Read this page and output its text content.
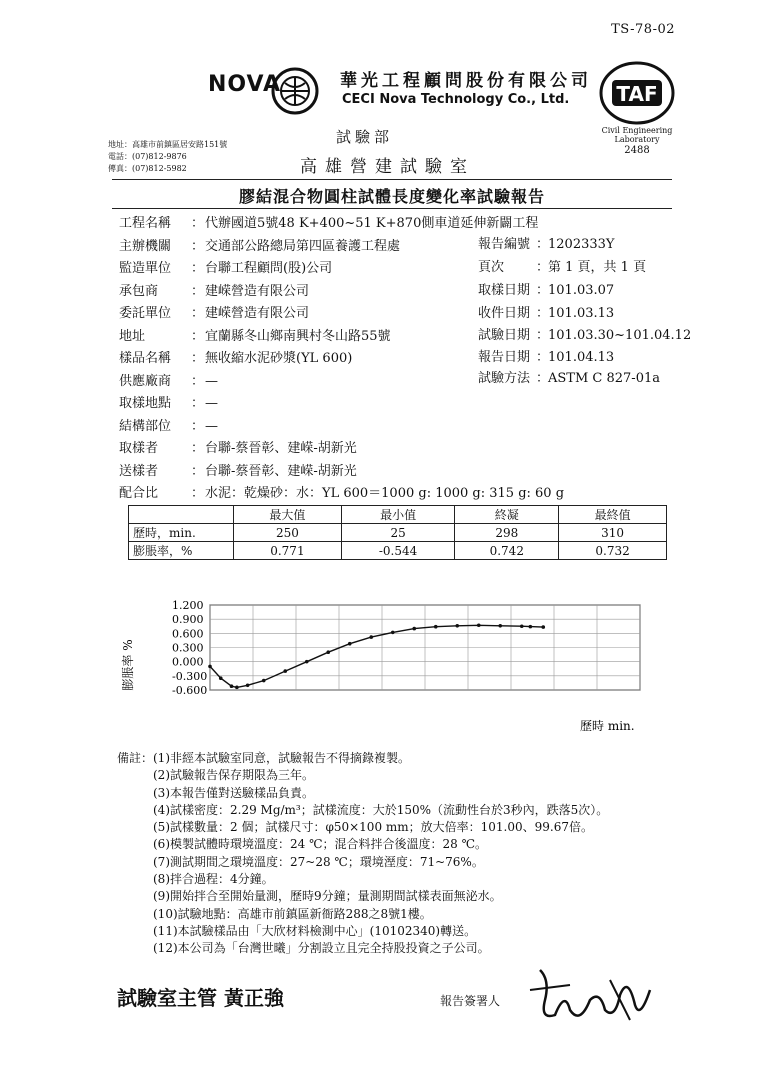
TS-78-02
NOVA	華光工程顧問股份有限公司
CECI Nova Technology Co., Ltd. TAF
Civil Engineering
Laboratory
2488
地址：高雄市前鎮區居安路151號
電話：(07)812-9876
傳真：(07)812-5982
試驗部
高雄營建試驗室
膠結混合物圓柱試體長度變化率試驗報告
工程名稱 ：代辦國道5號48 K+400~51 K+870側車道延伸新闢工程
主辦機關 ：交通部公路總局第四區養護工程處
監造單位 ：台聯工程顧問(股)公司
承包商	：建嵘營造有限公司
委託單位 ：建嵘營造有限公司
地址	：宜蘭縣冬山鄉南興村冬山路55號
樣品名稱 ：無收縮水泥砂漿(YL 600)
供應廠商 ：—
取樣地點 ：—
結構部位 ：—
取樣者	：台聯-蔡晉彰、建嵘-胡新光
送樣者	：台聯-蔡晉彰、建嵘-胡新光
配合比	：水泥：乾燥砂：水：YL 600＝1000 g: 1000 g: 315 g: 60 g
報告編號 ：1202333Y
頁次 ：第 1 頁，共 1 頁
取樣日期 ：101.03.07
收件日期 ：101.03.13
試驗日期 ：101.03.30~101.04.12
報告日期 ：101.04.13
試驗方法 ：ASTM C 827-01a
	最大值	最小值	終凝	最終值
歷時，min.	250	25	298	310
膨脹率，%	0.771	-0.544	0.742	0.732
1.200
0.900
0.600
0.300
0.000
-0.300
-0.600
膨脹率 %
歷時 min.
備註： (1)非經本試驗室同意，試驗報告不得摘錄複製。
(2)試驗報告保存期限為三年。
(3)本報告僅對送驗樣品負責。
(4)試樣密度：2.29 Mg/m³；試樣流度：大於150%（流動性台於3秒內，跌落5次）。
(5)試樣數量：2 個；試樣尺寸：φ50×100 mm；放大倍率：101.00、99.67倍。
(6)模製試體時環境溫度：24 ℃；混合料拌合後溫度：28 ℃。
(7)測試期間之環境溫度：27~28 ℃；環境溼度：71~76%。
(8)拌合過程：4分鐘。
(9)開始拌合至開始量測，歷時9分鐘；量測期間試樣表面無泌水。
(10)試驗地點：高雄市前鎮區新衙路288之8號1樓。
(11)本試驗樣品由「大欣材料檢測中心」(10102340)轉送。
(12)本公司為「台灣世曦」分割設立且完全持股投資之子公司。
試驗室主管 黃正強	報告簽署人
